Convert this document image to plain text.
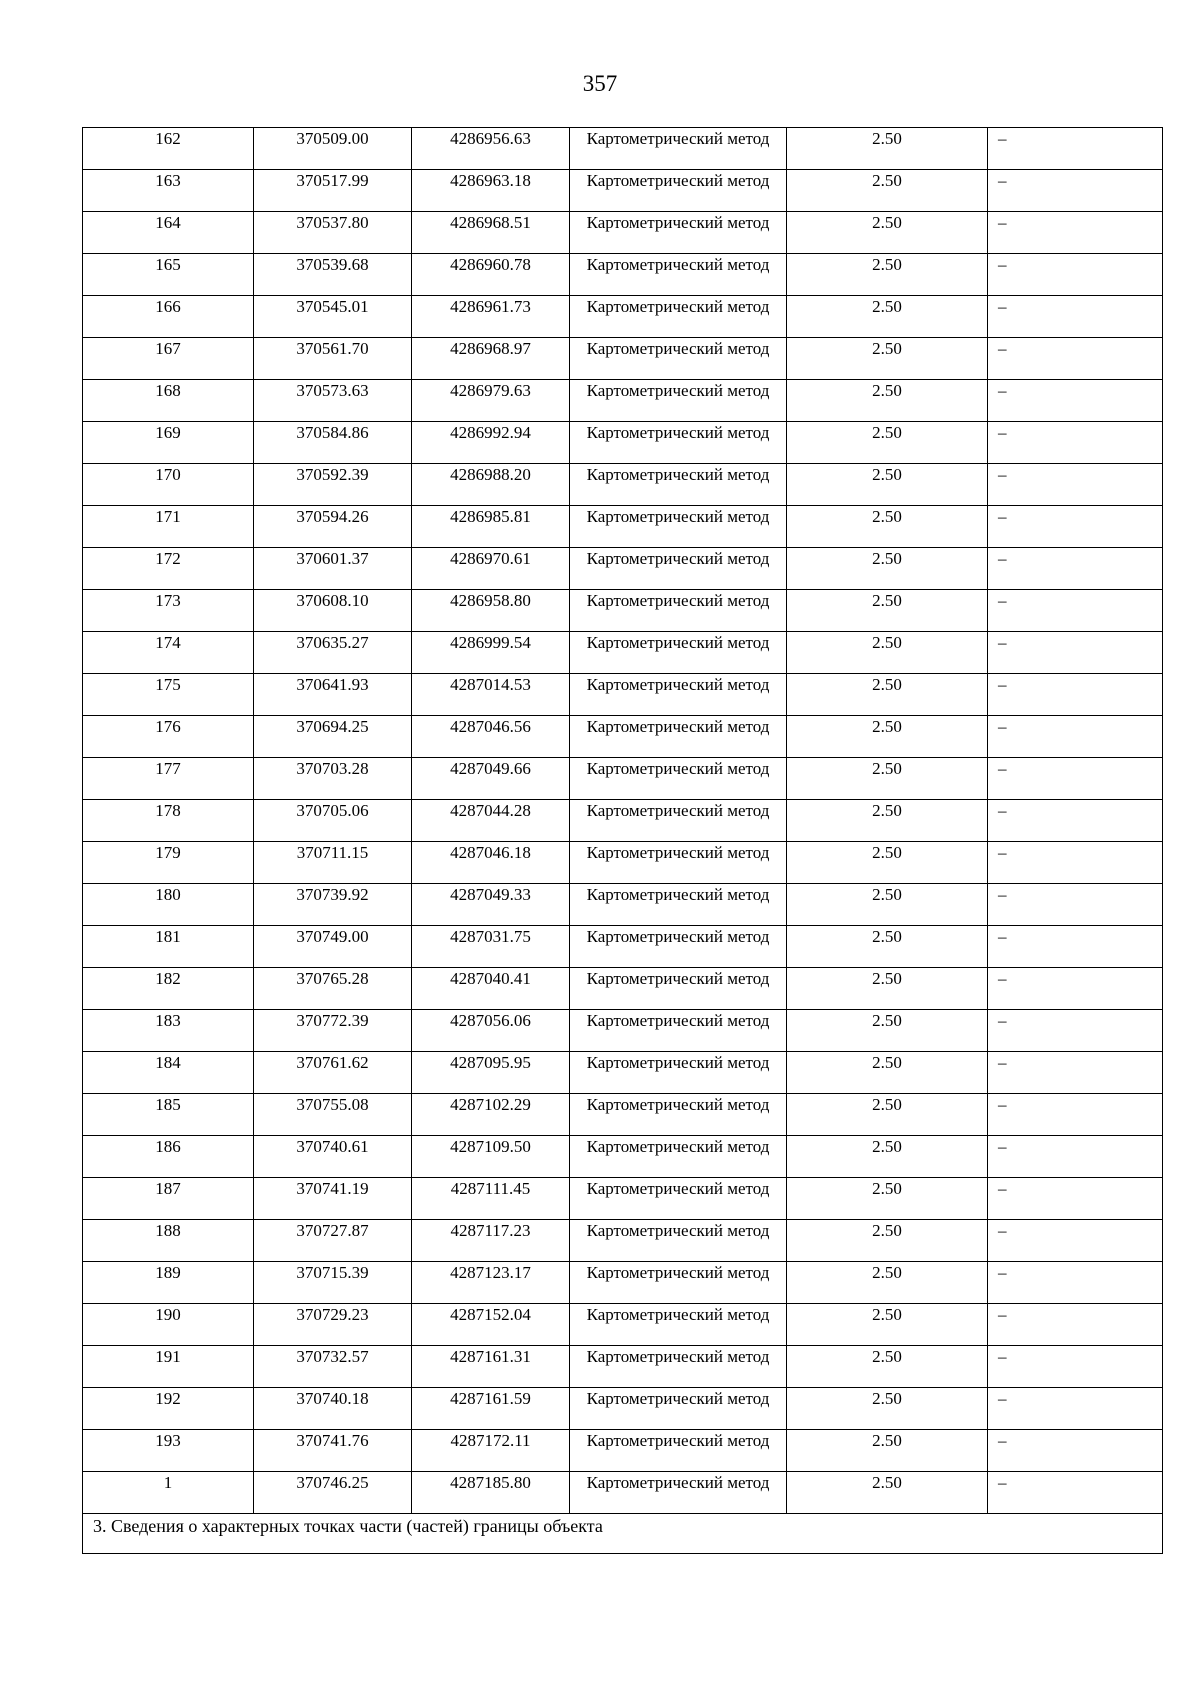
357
162	370509.00	4286956.63	Картометрический метод	2.50	–
163	370517.99	4286963.18	Картометрический метод	2.50	–
164	370537.80	4286968.51	Картометрический метод	2.50	–
165	370539.68	4286960.78	Картометрический метод	2.50	–
166	370545.01	4286961.73	Картометрический метод	2.50	–
167	370561.70	4286968.97	Картометрический метод	2.50	–
168	370573.63	4286979.63	Картометрический метод	2.50	–
169	370584.86	4286992.94	Картометрический метод	2.50	–
170	370592.39	4286988.20	Картометрический метод	2.50	–
171	370594.26	4286985.81	Картометрический метод	2.50	–
172	370601.37	4286970.61	Картометрический метод	2.50	–
173	370608.10	4286958.80	Картометрический метод	2.50	–
174	370635.27	4286999.54	Картометрический метод	2.50	–
175	370641.93	4287014.53	Картометрический метод	2.50	–
176	370694.25	4287046.56	Картометрический метод	2.50	–
177	370703.28	4287049.66	Картометрический метод	2.50	–
178	370705.06	4287044.28	Картометрический метод	2.50	–
179	370711.15	4287046.18	Картометрический метод	2.50	–
180	370739.92	4287049.33	Картометрический метод	2.50	–
181	370749.00	4287031.75	Картометрический метод	2.50	–
182	370765.28	4287040.41	Картометрический метод	2.50	–
183	370772.39	4287056.06	Картометрический метод	2.50	–
184	370761.62	4287095.95	Картометрический метод	2.50	–
185	370755.08	4287102.29	Картометрический метод	2.50	–
186	370740.61	4287109.50	Картометрический метод	2.50	–
187	370741.19	4287111.45	Картометрический метод	2.50	–
188	370727.87	4287117.23	Картометрический метод	2.50	–
189	370715.39	4287123.17	Картометрический метод	2.50	–
190	370729.23	4287152.04	Картометрический метод	2.50	–
191	370732.57	4287161.31	Картометрический метод	2.50	–
192	370740.18	4287161.59	Картометрический метод	2.50	–
193	370741.76	4287172.11	Картометрический метод	2.50	–
1	370746.25	4287185.80	Картометрический метод	2.50	–
3. Сведения о характерных точках части (частей) границы объекта					
